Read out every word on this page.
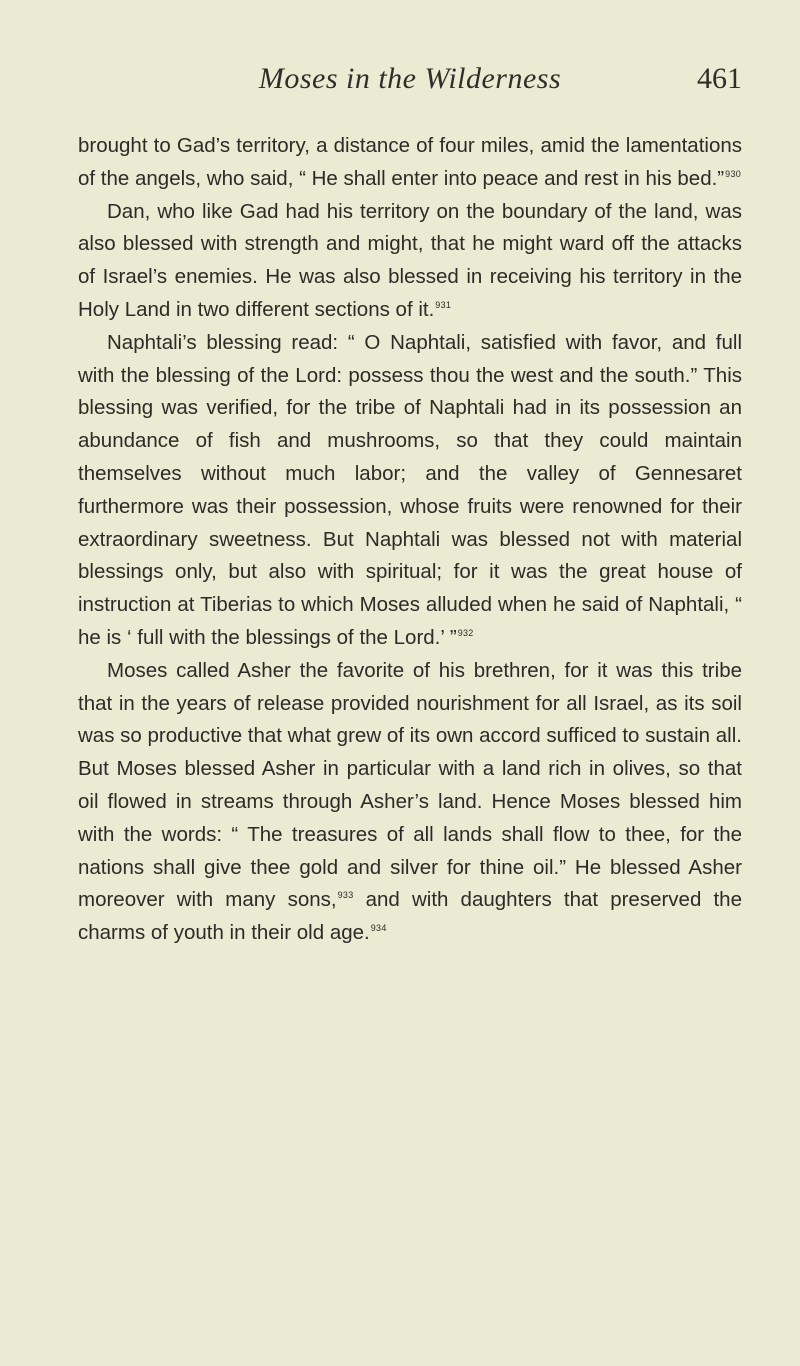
Moses in the Wilderness	461

brought to Gad’s territory, a distance of four miles, amid the lamentations of the angels, who said, “ He shall enter into peace and rest in his bed.”$^{930}$

Dan, who like Gad had his territory on the boundary of the land, was also blessed with strength and might, that he might ward off the attacks of Israel’s enemies. He was also blessed in receiving his territory in the Holy Land in two different sections of it.$^{931}$

Naphtali’s blessing read: “ O Naphtali, satisfied with favor, and full with the blessing of the Lord: possess thou the west and the south.” This blessing was verified, for the tribe of Naphtali had in its possession an abundance of fish and mushrooms, so that they could maintain themselves without much labor; and the valley of Gennesaret furthermore was their possession, whose fruits were renowned for their extraordinary sweetness. But Naphtali was blessed not with material blessings only, but also with spiritual; for it was the great house of instruction at Tiberias to which Moses alluded when he said of Naphtali, “ he is ‘ full with the blessings of the Lord.’ ”$^{932}$

Moses called Asher the favorite of his brethren, for it was this tribe that in the years of release provided nourishment for all Israel, as its soil was so productive that what grew of its own accord sufficed to sustain all. But Moses blessed Asher in particular with a land rich in olives, so that oil flowed in streams through Asher’s land. Hence Moses blessed him with the words: “ The treasures of all lands shall flow to thee, for the nations shall give thee gold and silver for thine oil.” He blessed Asher moreover with many sons,$^{933}$ and with daughters that preserved the charms of youth in their old age.$^{934}$
